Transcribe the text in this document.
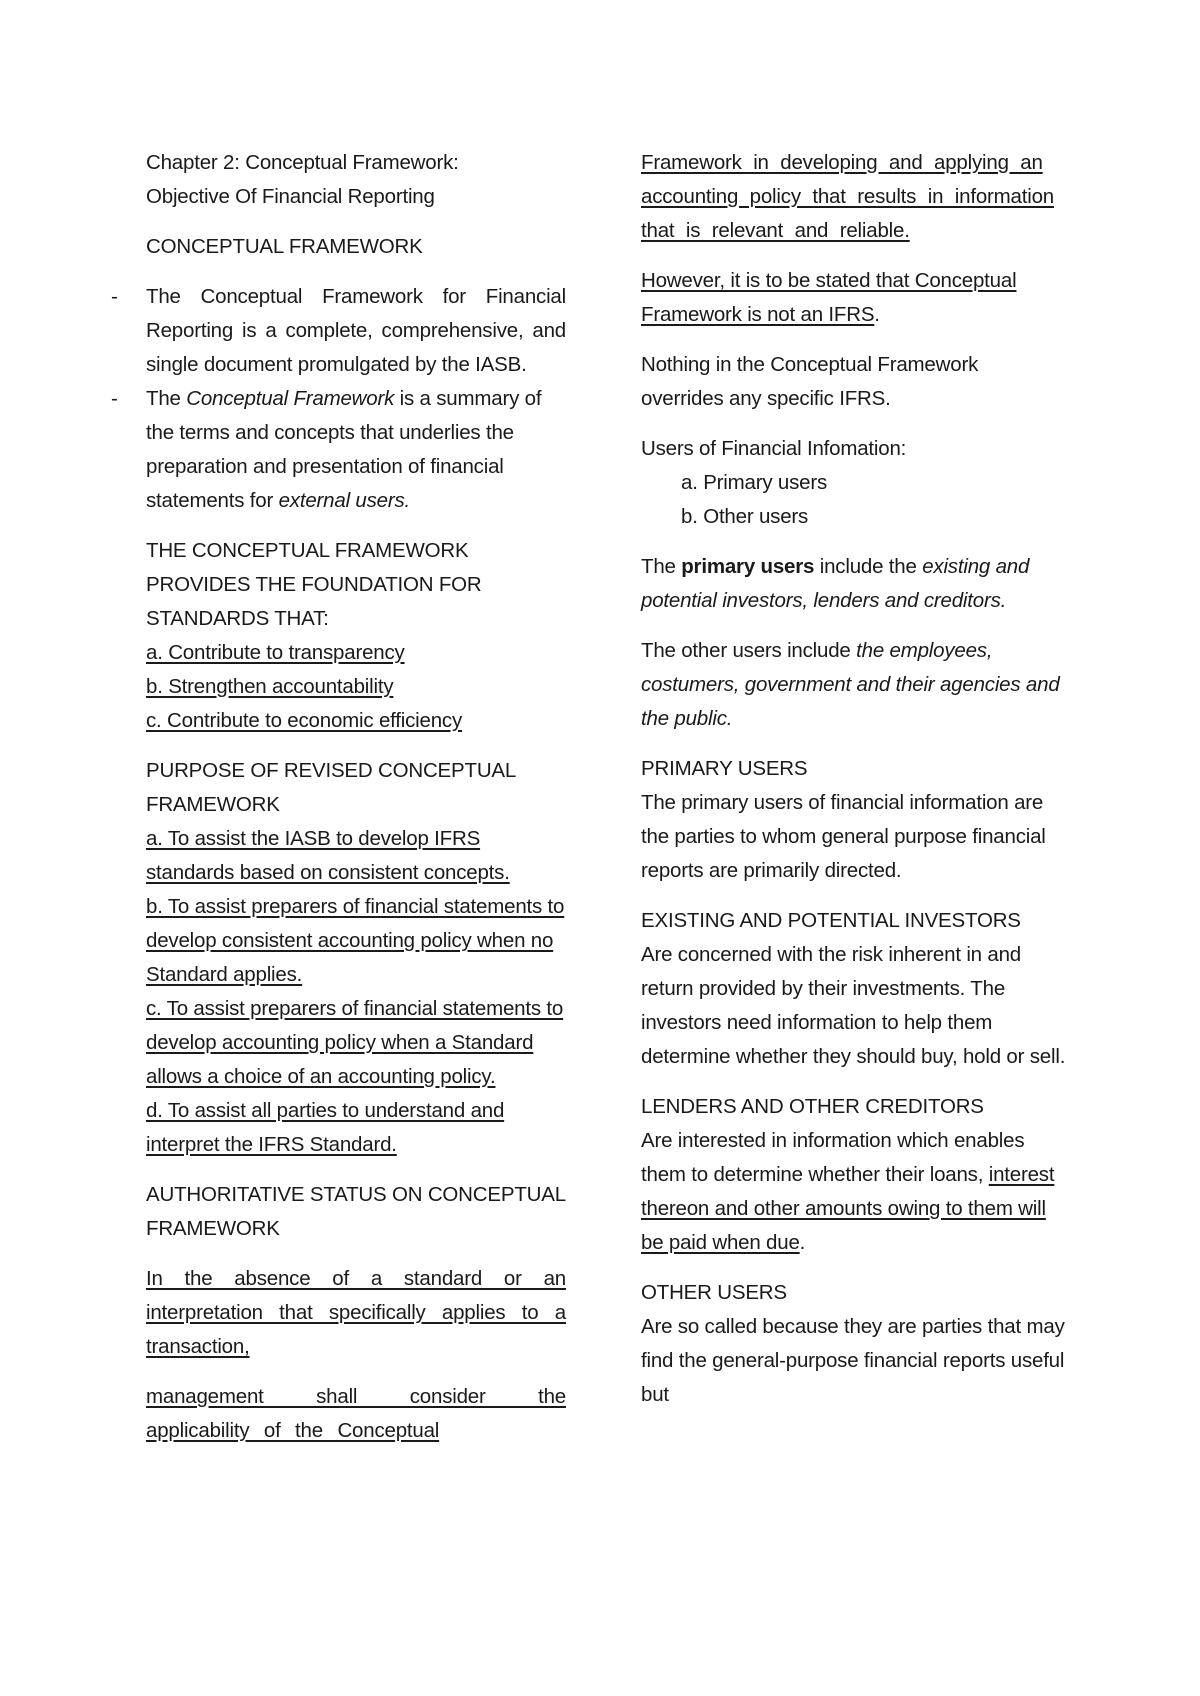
Chapter 2: Conceptual Framework:

Objective Of Financial Reporting

CONCEPTUAL FRAMEWORK

- The Conceptual Framework for Financial Reporting is a complete, comprehensive, and single document promulgated by the IASB.

- The Conceptual Framework is a summary of the terms and concepts that underlies the preparation and presentation of financial statements for external users.

THE CONCEPTUAL FRAMEWORK PROVIDES THE FOUNDATION FOR STANDARDS THAT:

a. Contribute to transparency

b. Strengthen accountability

c. Contribute to economic efficiency

PURPOSE OF REVISED CONCEPTUAL FRAMEWORK

a. To assist the IASB to develop IFRS standards based on consistent concepts.

b. To assist preparers of financial statements to develop consistent accounting policy when no Standard applies.

c. To assist preparers of financial statements to develop accounting policy when a Standard allows a choice of an accounting policy.

d. To assist all parties to understand and interpret the IFRS Standard.

AUTHORITATIVE STATUS ON CONCEPTUAL FRAMEWORK

In the absence of a standard or an interpretation that specifically applies to a transaction,

management shall consider the applicability of the Conceptual

Framework in developing and applying an accounting policy that results in information that is relevant and reliable.

However, it is to be stated that Conceptual Framework is not an IFRS.

Nothing in the Conceptual Framework overrides any specific IFRS.

Users of Financial Infomation:

a. Primary users

b. Other users

The primary users include the existing and potential investors, lenders and creditors.

The other users include the employees, costumers, government and their agencies and the public.

PRIMARY USERS

The primary users of financial information are the parties to whom general purpose financial reports are primarily directed.

EXISTING AND POTENTIAL INVESTORS

Are concerned with the risk inherent in and return provided by their investments. The investors need information to help them determine whether they should buy, hold or sell.

LENDERS AND OTHER CREDITORS

Are interested in information which enables them to determine whether their loans, interest thereon and other amounts owing to them will be paid when due.

OTHER USERS

Are so called because they are parties that may find the general-purpose financial reports useful but
